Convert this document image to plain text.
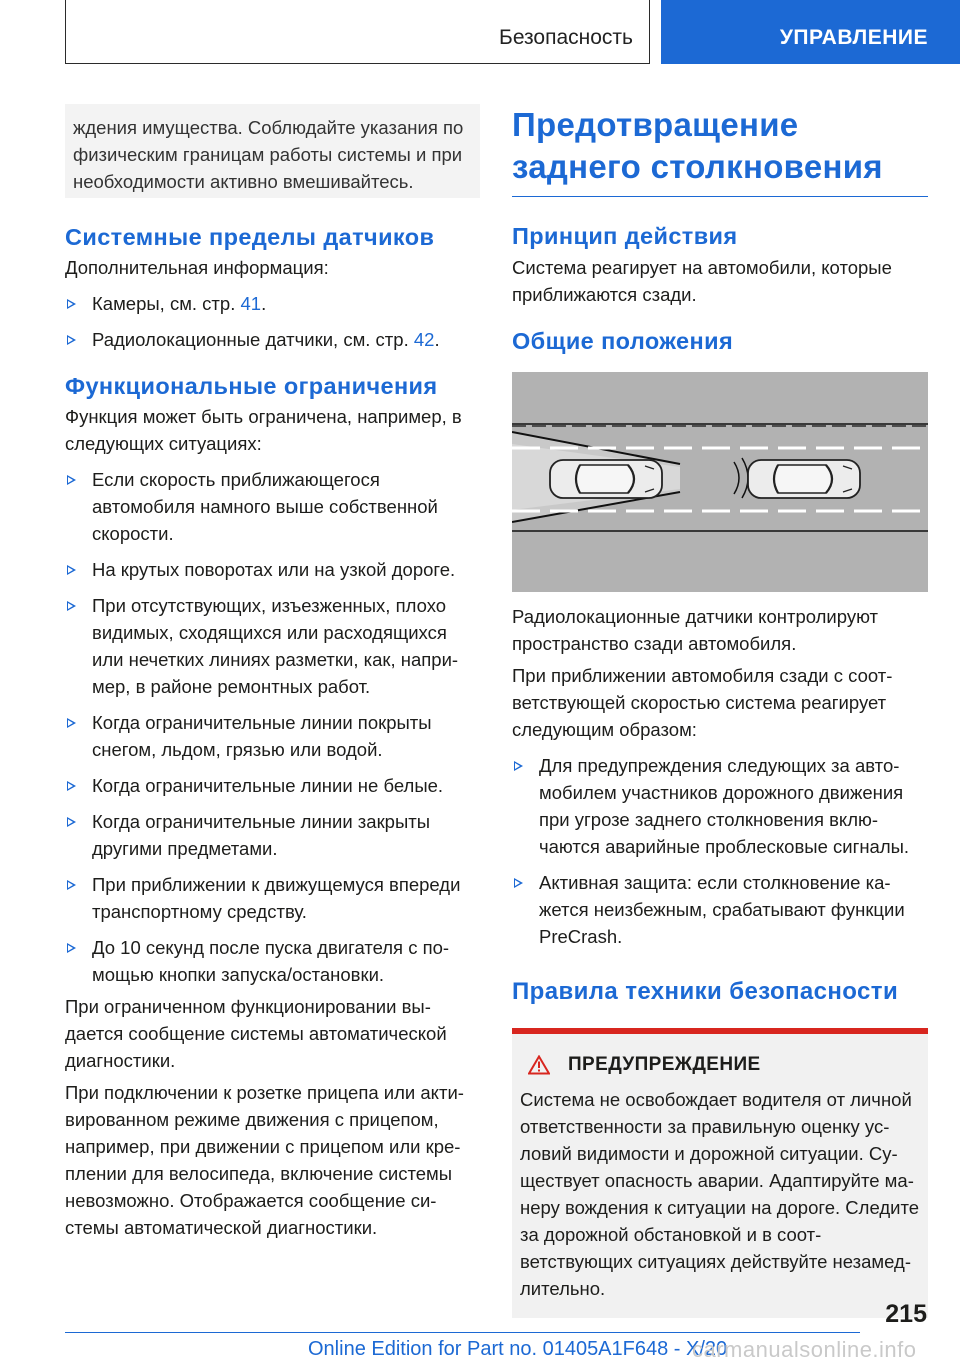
Безопасность	УПРАВЛЕНИЕ
ждения имущества. Соблюдайте указания по физическим границам работы системы и при необходимости активно вмешивайтесь.
Системные пределы датчиков
Дополнительная информация:
Камеры, см. стр. 41.
Радиолокационные датчики, см. стр. 42.
Функциональные ограничения
Функция может быть ограничена, например, в следующих ситуациях:
Если скорость приближающегося автомобиля намного выше собственной скорости.
На крутых поворотах или на узкой дороге.
При отсутствующих, изъезженных, плохо видимых, сходящихся или расходящихся или нечетких линиях разметки, как, например, в районе ремонтных работ.
Когда ограничительные линии покрыты снегом, льдом, грязью или водой.
Когда ограничительные линии не белые.
Когда ограничительные линии закрыты другими предметами.
При приближении к движущемуся впереди транспортному средству.
До 10 секунд после пуска двигателя с помощью кнопки запуска/остановки.
При ограниченном функционировании выдается сообщение системы автоматической диагностики.
При подключении к розетке прицепа или активированном режиме движения с прицепом, например, при движении с прицепом или креплении для велосипеда, включение системы невозможно. Отображается сообщение системы автоматической диагностики.
Предотвращение заднего столкновения
Принцип действия
Система реагирует на автомобили, которые приближаются сзади.
Общие положения
Радиолокационные датчики контролируют пространство сзади автомобиля.
При приближении автомобиля сзади с соответствующей скоростью система реагирует следующим образом:
Для предупреждения следующих за автомобилем участников дорожного движения при угрозе заднего столкновения включаются аварийные проблесковые сигналы.
Активная защита: если столкновение кажется неизбежным, срабатывают функции PreCrash.
Правила техники безопасности
ПРЕДУПРЕЖДЕНИЕ
Система не освобождает водителя от личной ответственности за правильную оценку условий видимости и дорожной ситуации. Существует опасность аварии. Адаптируйте манеру вождения к ситуации на дороге. Следите за дорожной обстановкой и в соответствующих ситуациях действуйте незамедлительно.
215
Online Edition for Part no. 01405A1F648 - X/20
carmanualsonline.info
